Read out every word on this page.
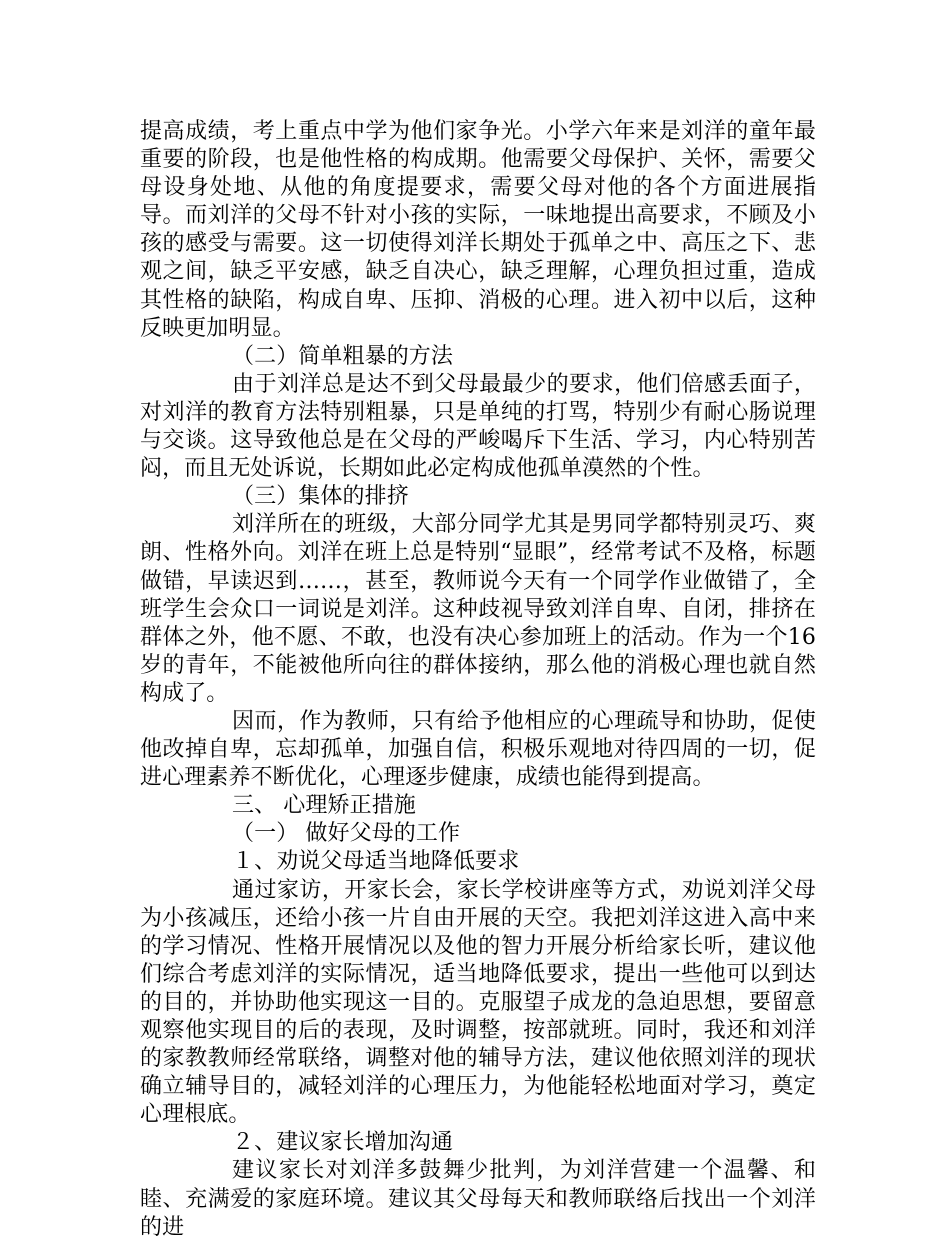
提高成绩，考上重点中学为他们家争光。小学六年来是刘洋的童年最重要的阶段，也是他性格的构成期。他需要父母保护、关怀，需要父母设身处地、从他的角度提要求，需要父母对他的各个方面进展指导。而刘洋的父母不针对小孩的实际，一味地提出高要求，不顾及小孩的感受与需要。这一切使得刘洋长期处于孤单之中、高压之下、悲观之间，缺乏平安感，缺乏自决心，缺乏理解，心理负担过重，造成其性格的缺陷，构成自卑、压抑、消极的心理。进入初中以后，这种反映更加明显。

（二）简单粗暴的方法

由于刘洋总是达不到父母最最少的要求，他们倍感丢面子，对刘洋的教育方法特别粗暴，只是单纯的打骂，特别少有耐心肠说理与交谈。这导致他总是在父母的严峻喝斥下生活、学习，内心特别苦闷，而且无处诉说，长期如此必定构成他孤单漠然的个性。

（三）集体的排挤

刘洋所在的班级，大部分同学尤其是男同学都特别灵巧、爽朗、性格外向。刘洋在班上总是特别“显眼”，经常考试不及格，标题做错，早读迟到……，甚至，教师说今天有一个同学作业做错了，全班学生会众口一词说是刘洋。这种歧视导致刘洋自卑、自闭，排挤在群体之外，他不愿、不敢，也没有决心参加班上的活动。作为一个16岁的青年，不能被他所向往的群体接纳，那么他的消极心理也就自然构成了。

因而，作为教师，只有给予他相应的心理疏导和协助，促使他改掉自卑，忘却孤单，加强自信，积极乐观地对待四周的一切，促进心理素养不断优化，心理逐步健康，成绩也能得到提高。

三、 心理矫正措施

（一） 做好父母的工作

１、劝说父母适当地降低要求

通过家访，开家长会，家长学校讲座等方式，劝说刘洋父母为小孩减压，还给小孩一片自由开展的天空。我把刘洋这进入高中来的学习情况、性格开展情况以及他的智力开展分析给家长听，建议他们综合考虑刘洋的实际情况，适当地降低要求，提出一些他可以到达的目的，并协助他实现这一目的。克服望子成龙的急迫思想，要留意观察他实现目的后的表现，及时调整，按部就班。同时，我还和刘洋的家教教师经常联络，调整对他的辅导方法，建议他依照刘洋的现状确立辅导目的，减轻刘洋的心理压力，为他能轻松地面对学习，奠定心理根底。

２、建议家长增加沟通

建议家长对刘洋多鼓舞少批判，为刘洋营建一个温馨、和睦、充满爱的家庭环境。建议其父母每天和教师联络后找出一个刘洋的进
